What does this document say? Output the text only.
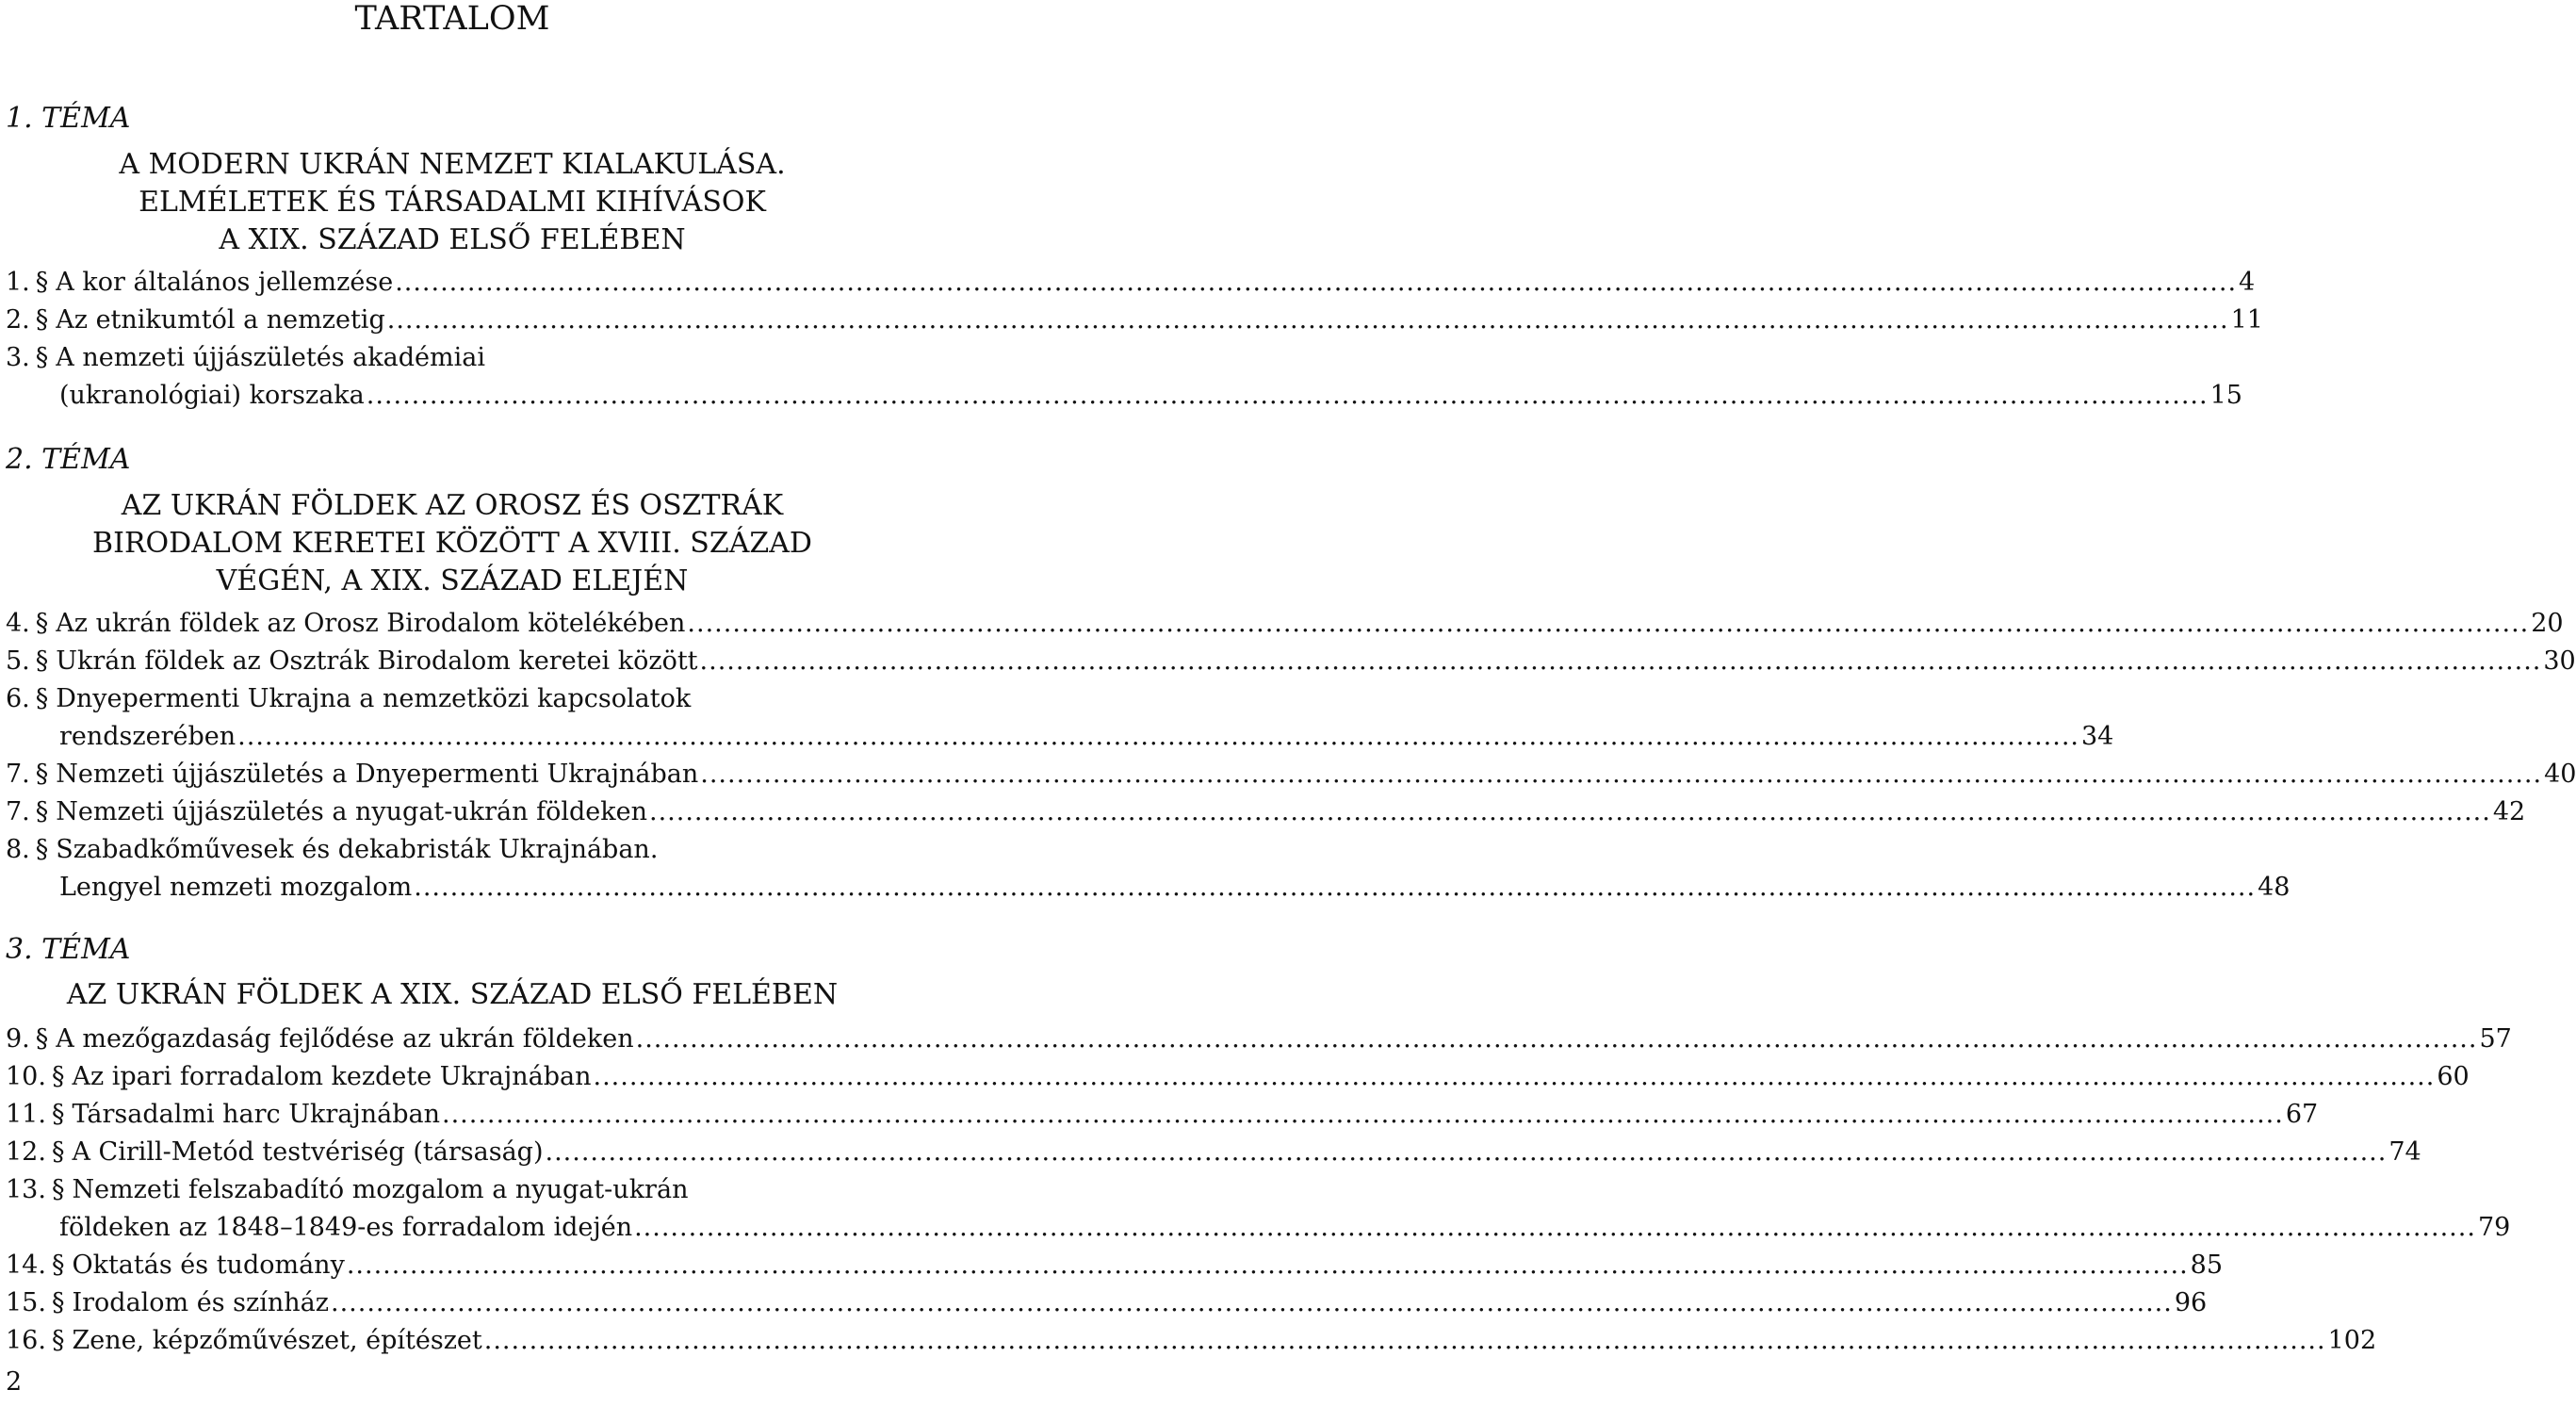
TARTALOM
1. TÉMA
A MODERN UKRÁN NEMZET KIALAKULÁSA.
ELMÉLETEK ÉS TÁRSADALMI KIHÍVÁSOK
A XIX. SZÁZAD ELSŐ FELÉBEN
1. § A kor általános jellemzése .....	4
2. § Az etnikumtól a nemzetig .....	11
3. § A nemzeti újjászületés akadémiai
(ukranológiai) korszaka .....	15
2. TÉMA
AZ UKRÁN FÖLDEK AZ OROSZ ÉS OSZTRÁK
BIRODALOM KERETEI KÖZÖTT A XVIII. SZÁZAD
VÉGÉN, A XIX. SZÁZAD ELEJÉN
4. § Az ukrán földek az Orosz Birodalom kötelékében .....	20
5. § Ukrán földek az Osztrák Birodalom keretei között .....	30
6. § Dnyepermenti Ukrajna a nemzetközi kapcsolatok
rendszerében .....	34
7. § Nemzeti újjászületés a Dnyepermenti Ukrajnában .....	40
7. § Nemzeti újjászületés a nyugat-ukrán földeken .....	42
8. § Szabadkőművesek és dekabristák Ukrajnában.
Lengyel nemzeti mozgalom .....	48
3. TÉMA
AZ UKRÁN FÖLDEK A XIX. SZÁZAD ELSŐ FELÉBEN
9. § A mezőgazdaság fejlődése az ukrán földeken .....	57
10. § Az ipari forradalom kezdete Ukrajnában .....	60
11. § Társadalmi harc Ukrajnában .....	67
12. § A Cirill-Metód testvériség (társaság) .....	74
13. § Nemzeti felszabadító mozgalom a nyugat-ukrán
földeken az 1848–1849-es forradalom idején .....	79
14. § Oktatás és tudomány .....	85
15. § Irodalom és színház .....	96
16. § Zene, képzőművészet, építészet .....	102
2
